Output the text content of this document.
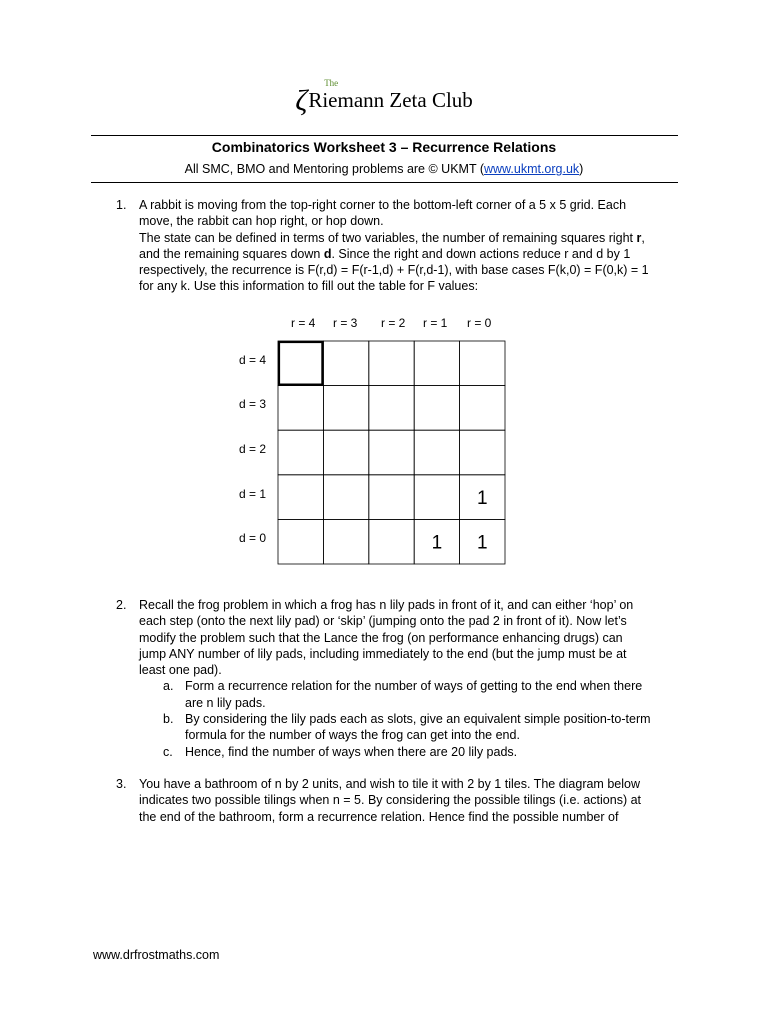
ζ
The
Riemann Zeta Club
Combinatorics Worksheet 3 – Recurrence Relations
All SMC, BMO and Mentoring problems are © UKMT (www.ukmt.org.uk)
1. A rabbit is moving from the top-right corner to the bottom-left corner of a 5 x 5 grid. Each

move, the rabbit can hop right, or hop down.

The state can be defined in terms of two variables, the number of remaining squares right r,

and the remaining squares down d. Since the right and down actions reduce r and d by 1

respectively, the recurrence is F(r,d) = F(r-1,d) + F(r,d-1), with base cases F(k,0) = F(0,k) = 1

for any k. Use this information to fill out the table for F values:

r = 4 r = 3 r = 2 r = 1 r = 0
d = 4
d = 3
d = 2
d = 1
d = 0
1
1 1
2. Recall the frog problem in which a frog has n lily pads in front of it, and can either ‘hop’ on

each step (onto the next lily pad) or ‘skip’ (jumping onto the pad 2 in front of it). Now let’s

modify the problem such that the Lance the frog (on performance enhancing drugs) can

jump ANY number of lily pads, including immediately to the end (but the jump must be at

least one pad).

a. Form a recurrence relation for the number of ways of getting to the end when there

are n lily pads.

b. By considering the lily pads each as slots, give an equivalent simple position-to-term

formula for the number of ways the frog can get into the end.

c. Hence, find the number of ways when there are 20 lily pads.

3. You have a bathroom of n by 2 units, and wish to tile it with 2 by 1 tiles. The diagram below

indicates two possible tilings when n = 5. By considering the possible tilings (i.e. actions) at

the end of the bathroom, form a recurrence relation. Hence find the possible number of

www.drfrostmaths.com
